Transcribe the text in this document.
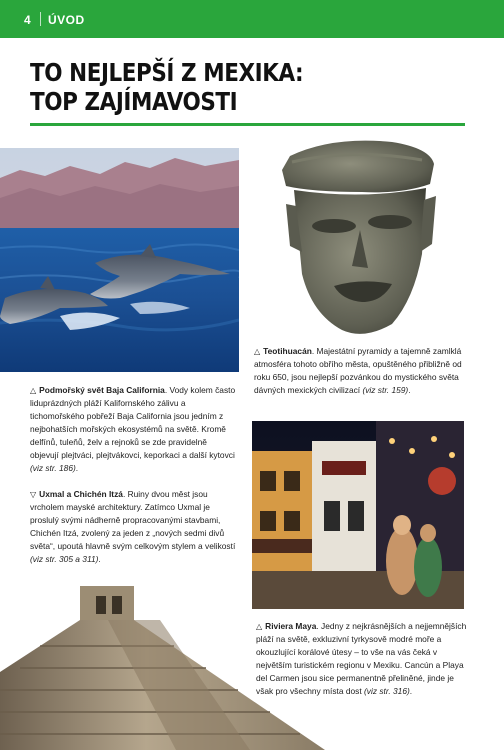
4 ÚVOD
TO NEJLEPŠÍ Z MEXIKA:
TOP ZAJÍMAVOSTI
△ Teotihuacán. Majestátní pyramidy a tajemně zamlklá atmosféra tohoto obřího města, opuštěného přibližně od roku 650, jsou nejlepší pozvánkou do mystického světa dávných mexických civilizací (viz str. 159).
△ Podmořský svět Baja California. Vody kolem často liduprázdných pláží Kalifornského zálivu a tichomořského pobřeží Baja California jsou jedním z nejbohatších mořských ekosystémů na světě. Kromě delfínů, tuleňů, želv a rejnoků se zde pravidelně objevují plejtváci, plejtvákovci, keporkaci a další kytovci (viz str. 186).
▽ Uxmal a Chichén Itzá. Ruiny dvou měst jsou vrcholem mayské architektury. Zatímco Uxmal je proslulý svými nádherně propracovanými stavbami, Chichén Itzá, zvolený za jeden z „nových sedmi divů světa“, upoutá hlavně svým celkovým stylem a velikostí (viz str. 305 a 311).
△ Riviera Maya. Jedny z nejkrásnějších a nejjemnějších pláží na světě, exkluzivní tyrkysově modré moře a okouzlující korálové útesy – to vše na vás čeká v největším turistickém regionu v Mexiku. Cancún a Playa del Carmen jsou sice permanentně přeliněné, jinde je však pro všechny místa dost (viz str. 316).
